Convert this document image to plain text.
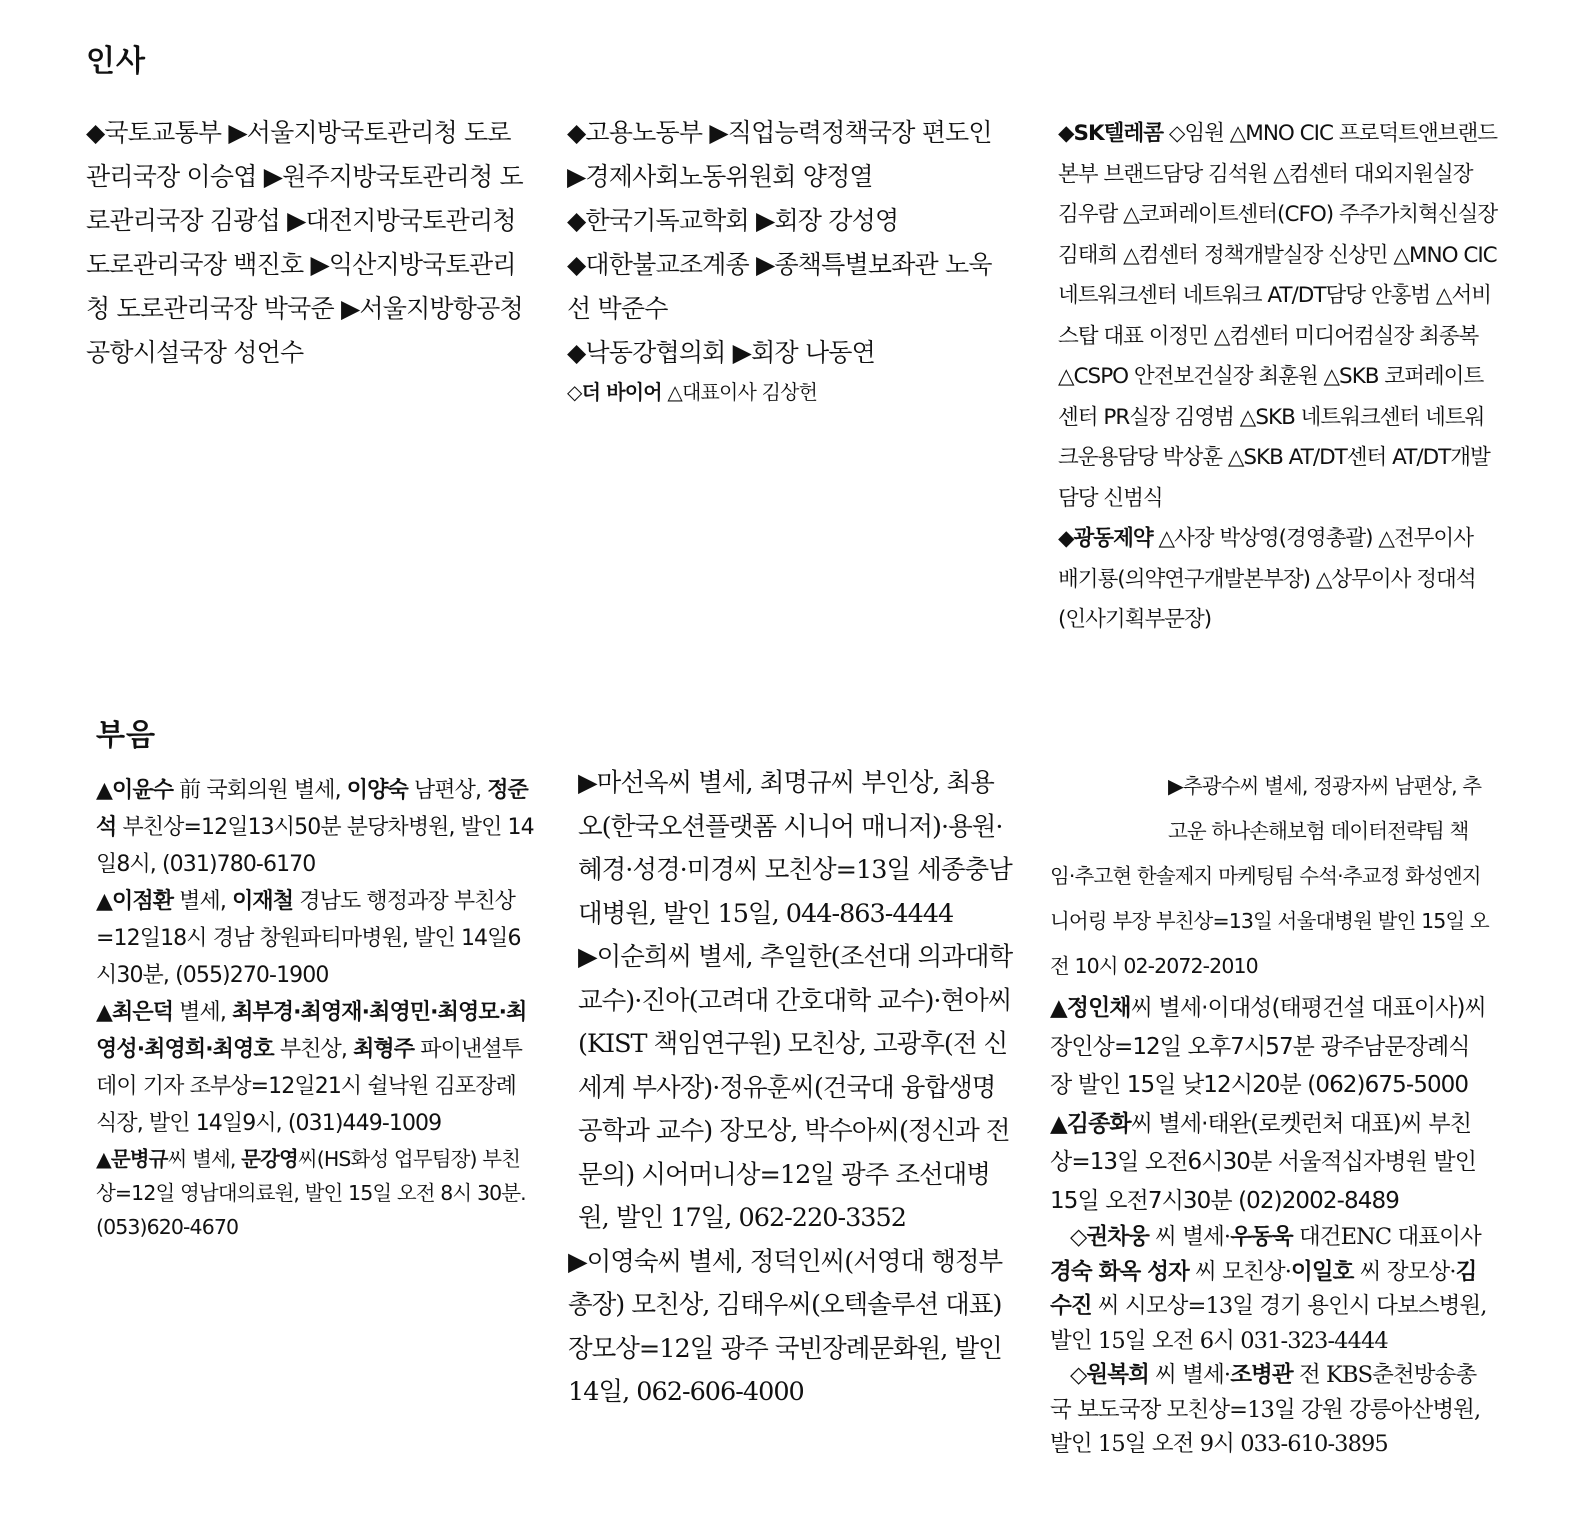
인사

◆국토교통부 ▶서울지방국토관리청 도로관리국장 이승엽 ▶원주지방국토관리청 도로관리국장 김광섭 ▶대전지방국토관리청 도로관리국장 백진호 ▶익산지방국토관리청 도로관리국장 박국준 ▶서울지방항공청 공항시설국장 성언수

◆고용노동부 ▶직업능력정책국장 편도인 ▶경제사회노동위원회 양정열

◆한국기독교학회 ▶회장 강성영

◆대한불교조계종 ▶종책특별보좌관 노욱선 박준수

◆낙동강협의회 ▶회장 나동연

◇더 바이어 △대표이사 김상헌

◆SK텔레콤 ◇임원 △MNO CIC 프로덕트앤브랜드본부 브랜드담당 김석원 △컴센터 대외지원실장 김우람 △코퍼레이트센터(CFO) 주주가치혁신실장 김태희 △컴센터 정책개발실장 신상민 △MNO CIC 네트워크센터 네트워크 AT/DT담당 안홍범 △서비스탑 대표 이정민 △컴센터 미디어컴실장 최종복 △CSPO 안전보건실장 최훈원 △SKB 코퍼레이트센터 PR실장 김영범 △SKB 네트워크센터 네트워크운용담당 박상훈 △SKB AT/DT센터 AT/DT개발담당 신범식

◆광동제약 △사장 박상영(경영총괄) △전무이사 배기룡(의약연구개발본부장) △상무이사 정대석(인사기획부문장)

부음

▲이윤수 前 국회의원 별세, 이양숙 남편상, 정준석 부친상=12일13시50분 분당차병원, 발인 14일8시, (031)780-6170

▲이점환 별세, 이재철 경남도 행정과장 부친상=12일18시 경남 창원파티마병원, 발인 14일6시30분, (055)270-1900

▲최은덕 별세, 최부경·최영재·최영민·최영모·최영성·최영희·최영호 부친상, 최형주 파이낸셜투데이 기자 조부상=12일21시 쉴낙원 김포장례식장, 발인 14일9시, (031)449-1009

▲문병규씨 별세, 문강영씨(HS화성 업무팀장) 부친상=12일 영남대의료원, 발인 15일 오전 8시 30분. (053)620-4670

▶마선옥씨 별세, 최명규씨 부인상, 최용오(한국오션플랫폼 시니어 매니저)·용원·혜경·성경·미경씨 모친상=13일 세종충남대병원, 발인 15일, 044-863-4444

▶이순희씨 별세, 추일한(조선대 의과대학 교수)·진아(고려대 간호대학 교수)·현아씨(KIST 책임연구원) 모친상, 고광후(전 신세계 부사장)·정유훈씨(건국대 융합생명공학과 교수) 장모상, 박수아씨(정신과 전문의) 시어머니상=12일 광주 조선대병원, 발인 17일, 062-220-3352

▶이영숙씨 별세, 정덕인씨(서영대 행정부총장) 모친상, 김태우씨(오텍솔루션 대표) 장모상=12일 광주 국빈장례문화원, 발인 14일, 062-606-4000

▶추광수씨 별세, 정광자씨 남편상, 추고운 하나손해보험 데이터전략팀 책
임·추고현 한솔제지 마케팅팀 수석·추교정 화성엔지니어링 부장 부친상=13일 서울대병원 발인 15일 오전 10시 02-2072-2010

▲정인채씨 별세·이대성(태평건설 대표이사)씨 장인상=12일 오후7시57분 광주남문장례식장 발인 15일 낮12시20분 (062)675-5000

▲김종화씨 별세·태완(로켓런처 대표)씨 부친상=13일 오전6시30분 서울적십자병원 발인 15일 오전7시30분 (02)2002-8489

◇권차웅 씨 별세·우동욱 대건ENC 대표이사 경숙 화옥 성자 씨 모친상·이일호 씨 장모상·김수진 씨 시모상=13일 경기 용인시 다보스병원, 발인 15일 오전 6시 031-323-4444

◇원복희 씨 별세·조병관 전 KBS춘천방송총국 보도국장 모친상=13일 강원 강릉아산병원, 발인 15일 오전 9시 033-610-3895
